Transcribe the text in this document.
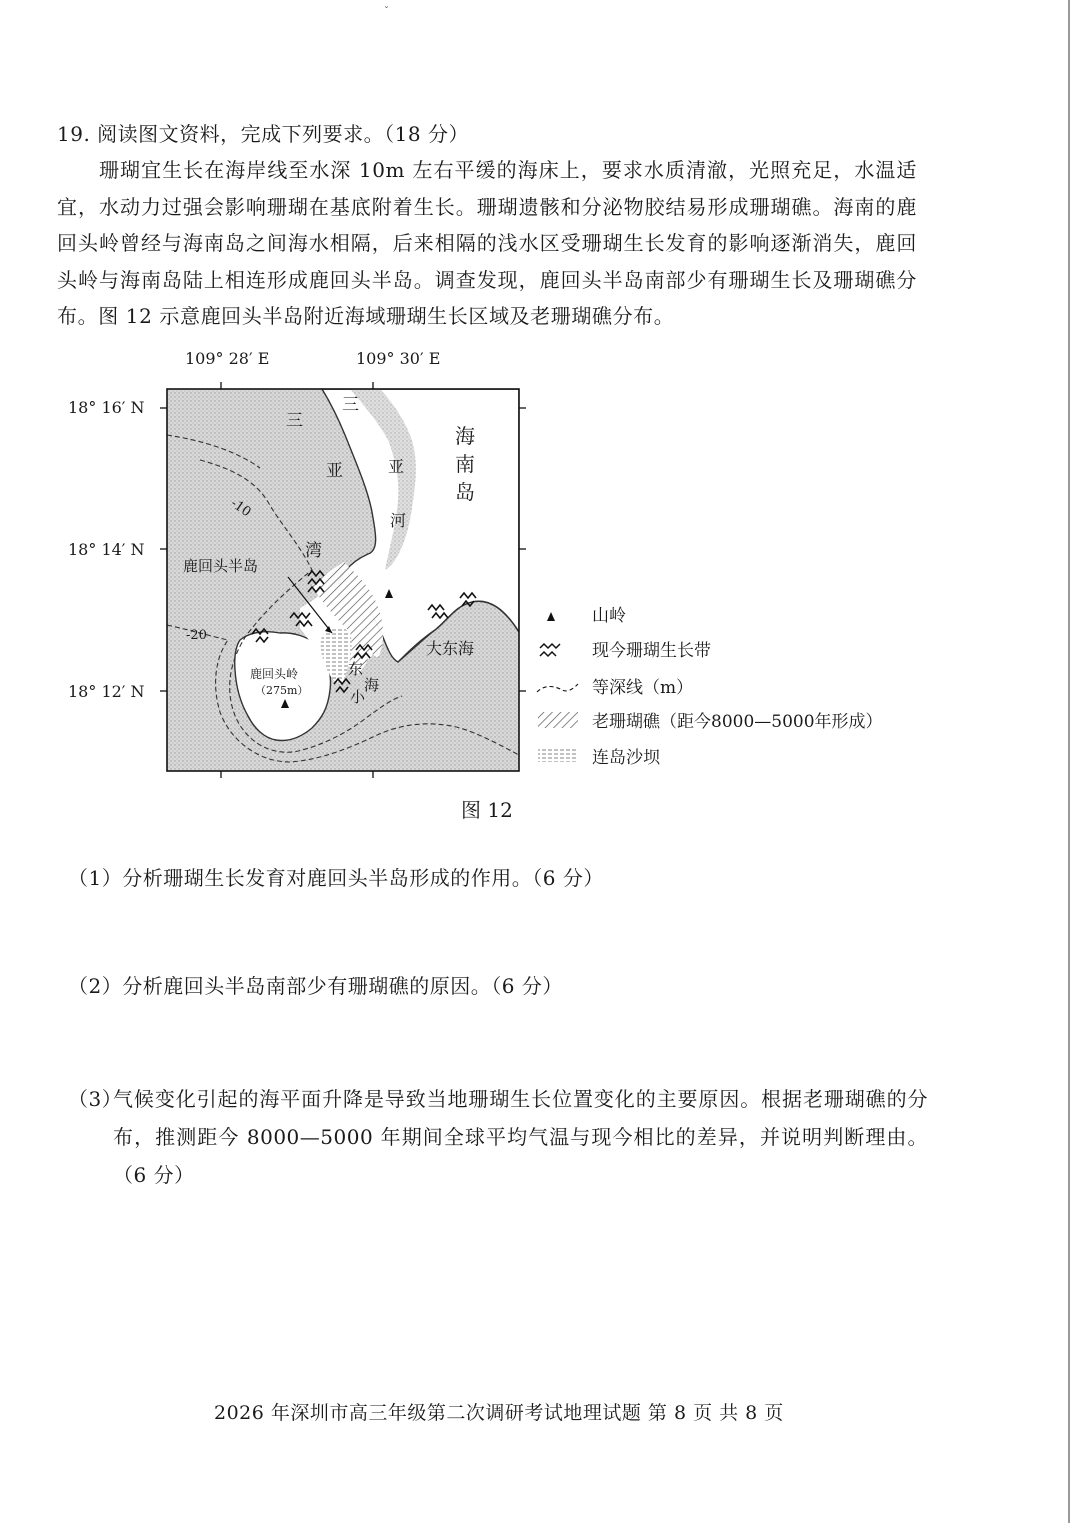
ˇ
19. 阅读图文资料，完成下列要求。（18 分）
珊瑚宜生长在海岸线至水深 10m 左右平缓的海床上，要求水质清澈，光照充足，水温适宜，水动力过强会影响珊瑚在基底附着生长。珊瑚遗骸和分泌物胶结易形成珊瑚礁。海南的鹿回头岭曾经与海南岛之间海水相隔，后来相隔的浅水区受珊瑚生长发育的影响逐渐消失，鹿回头岭与海南岛陆上相连形成鹿回头半岛。调查发现，鹿回头半岛南部少有珊瑚生长及珊瑚礁分布。图 12 示意鹿回头半岛附近海域珊瑚生长区域及老珊瑚礁分布。
109° 28′ E	109° 30′ E
18° 16′ N
18° 14′ N
18° 12′ N
三
三
亚	亚
河
湾
海
南
岛
大东海
小
东
海
鹿回头半岛
鹿回头岭
（275m）
-10
-20
山岭
现今珊瑚生长带
等深线（m）
老珊瑚礁（距今8000—5000年形成）
连岛沙坝
图 12
（1）分析珊瑚生长发育对鹿回头半岛形成的作用。（6 分）
（2）分析鹿回头半岛南部少有珊瑚礁的原因。（6 分）
（3）
气候变化引起的海平面升降是导致当地珊瑚生长位置变化的主要原因。根据老珊瑚礁的分布，推测距今 8000—5000 年期间全球平均气温与现今相比的差异，并说明判断理由。（6 分）
2026 年深圳市高三年级第二次调研考试地理试题 第 8 页 共 8 页
